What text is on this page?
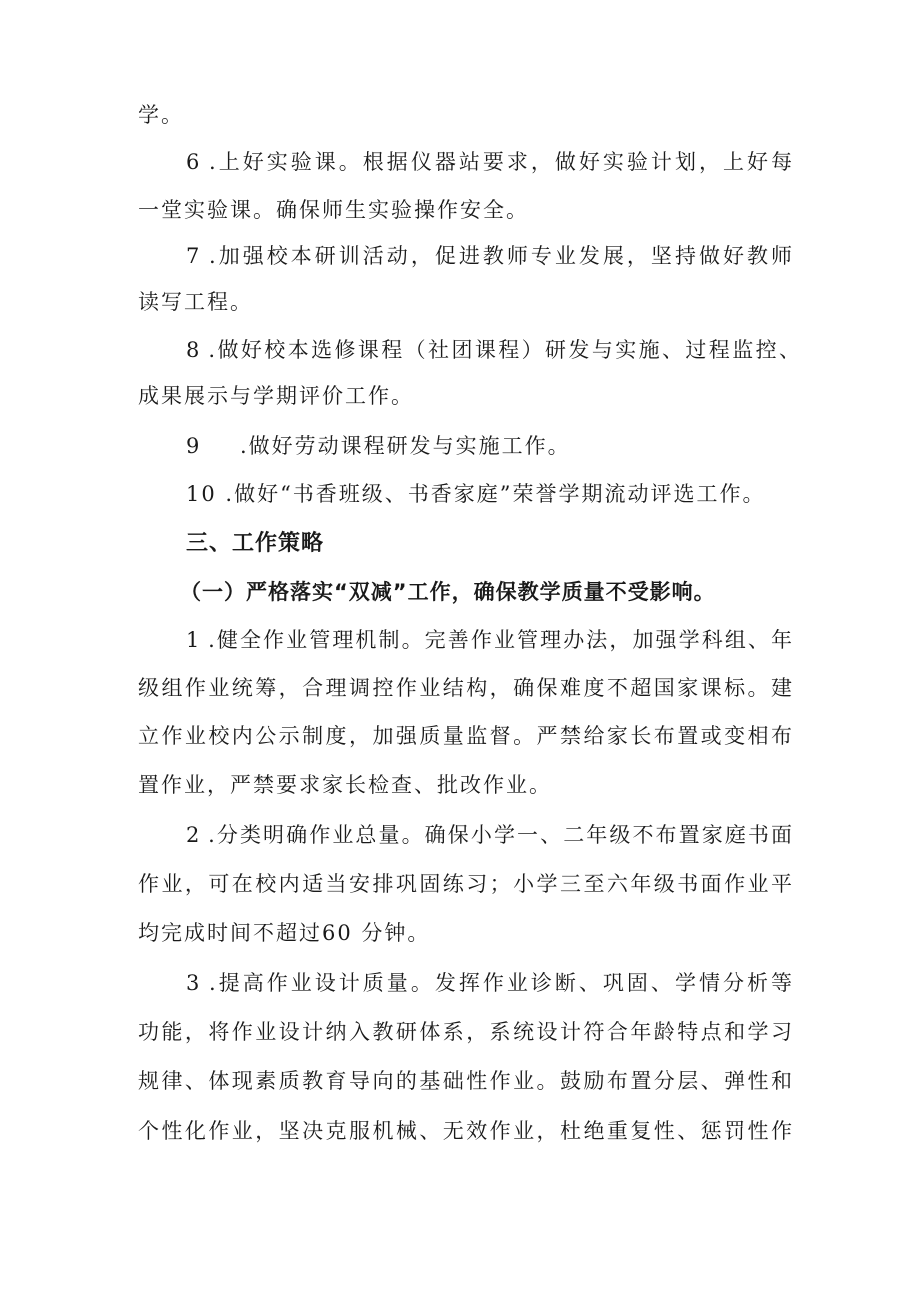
学。
6 .上好实验课。根据仪器站要求，做好实验计划，上好每
一堂实验课。确保师生实验操作安全。
7 .加强校本研训活动，促进教师专业发展，坚持做好教师
读写工程。
8 .做好校本选修课程（社团课程）研发与实施、过程监控、
成果展示与学期评价工作。
9 .做好劳动课程研发与实施工作。
10 .做好“书香班级、书香家庭”荣誉学期流动评选工作。
三、工作策略
（一）严格落实“双减”工作，确保教学质量不受影响。
1 .健全作业管理机制。完善作业管理办法，加强学科组、年
级组作业统筹，合理调控作业结构，确保难度不超国家课标。建
立作业校内公示制度，加强质量监督。严禁给家长布置或变相布
置作业，严禁要求家长检查、批改作业。
2 .分类明确作业总量。确保小学一、二年级不布置家庭书面
作业，可在校内适当安排巩固练习；小学三至六年级书面作业平
均完成时间不超过60 分钟。
3 .提高作业设计质量。发挥作业诊断、巩固、学情分析等
功能，将作业设计纳入教研体系，系统设计符合年龄特点和学习
规律、体现素质教育导向的基础性作业。鼓励布置分层、弹性和
个性化作业，坚决克服机械、无效作业，杜绝重复性、惩罚性作
